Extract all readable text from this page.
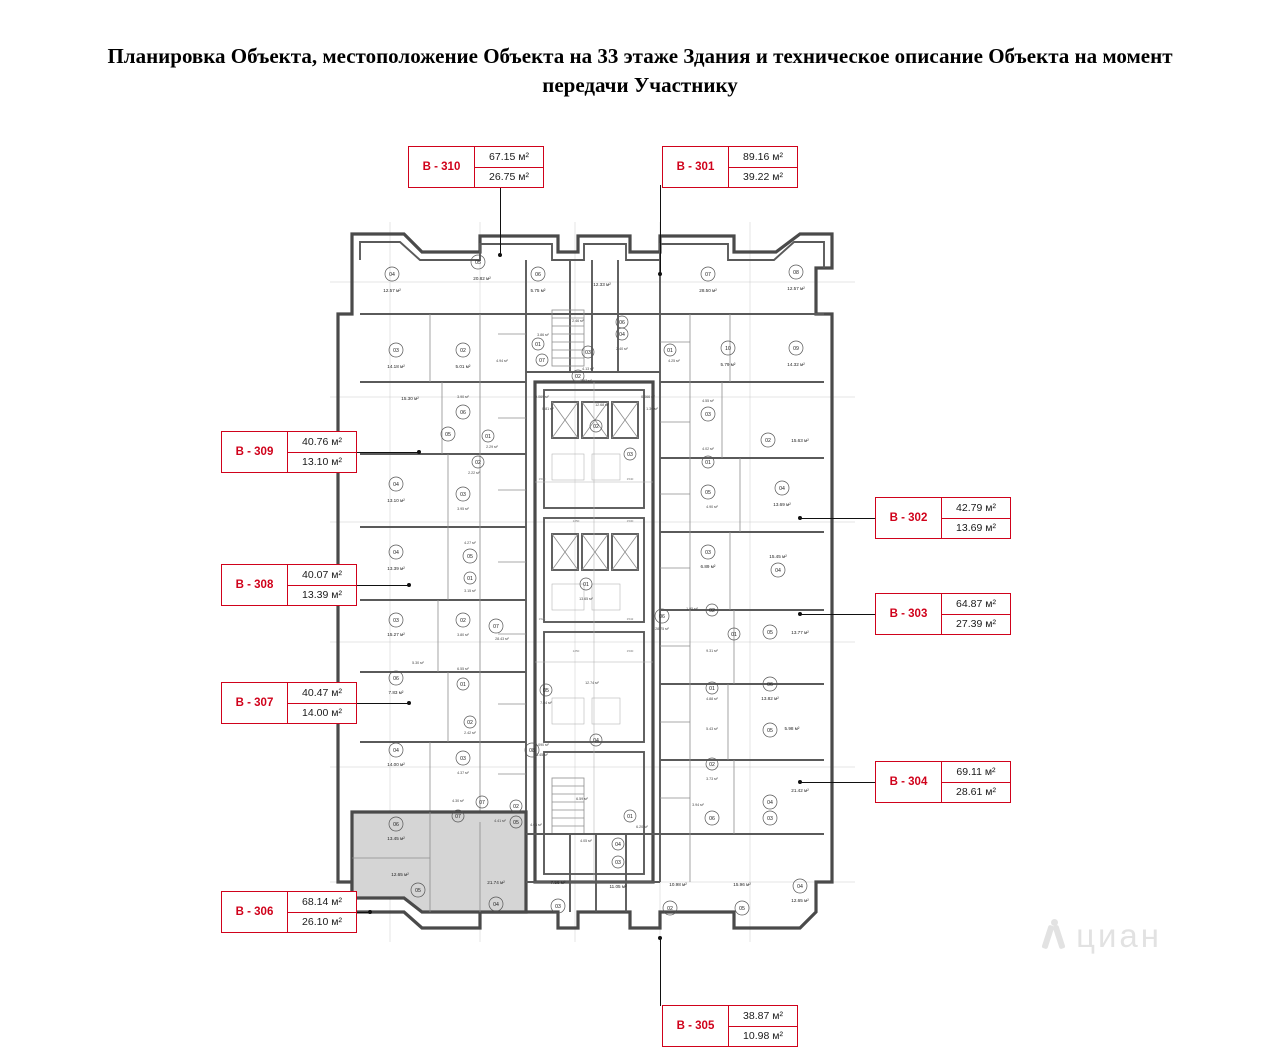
Планировка Объекта, местоположение Объекта на 33 этаже Здания и техническое описание Объекта на момент передачи Участнику
1530	1540
1525	1542
1250	1530
1250	1530
04
12.57 м²
05
20.82 м²
06
5.75 м²
12.33 м²
07
28.50 м²
08
12.57 м²
03
14.18 м²
02
5.01 м²
4.94 м²
01
3.86 м²
2.46 м²
07
03
4.13 м²
04
2.40 м²
06
3.57 м²
02
01
4.25 м²
10
5.79 м²
09
14.32 м²
15.30 м²
06
3.90 м²
05	01
2.29 м²
02
2.22 м²
0.069 м²
0.81 м²
12.68 м²
0.066 м²
1.30 м²
02
03
4.55 м²
03
4.02 м²
01
02	15.63 м²
05
4.90 м²
04
13.69 м²
04
13.10 м²
03
3.95 м²
04
13.39 м²
4.27 м²
05
01
3.15 м²
01
13.65 м²
03
6.89 м²
04
15.45 м²
03
15.27 м²
02
3.80 м²
07
28.43 м²
06
28.75 м²
1.95 м² 02
01
9.31 м²
05	13.77 м²
5.30 м²
06
7.83 м²
6.55 м²
01
05
12.74 м²
7.64 м²
06
13.82 м²
4.88 м²
01
04
14.00 м²
2.42 м²
02
03
4.37 м²
0.090 м²
1.45 м²
08
04
5.43 м²	05	5.98 м²
02
3.73 м²
04
21.42 м²
06
13.45 м²
4.30 м²	07
07
02
4.41 м² 05	4.03 м²
6.59 м²
01
6.20 м²
3.94 м²
06	03
4.05 м²
04
03
05
12.65 м²
04
21.74 м²
03
7.56 м²
11.05 м²
02
10.98 м²
05
15.96 м²	04
12.65 м²
В - 310
67.15 м²
26.75 м²
В - 301
89.16 м²
39.22 м²
В - 309
40.76 м²
13.10 м²
В - 302
42.79 м²
13.69 м²
В - 308
40.07 м²
13.39 м²
В - 303
64.87 м²
27.39 м²
В - 307
40.47 м²
14.00 м²
В - 304
69.11 м²
28.61 м²
В - 306
68.14 м²
26.10 м²
В - 305
38.87 м²
10.98 м²
циан
